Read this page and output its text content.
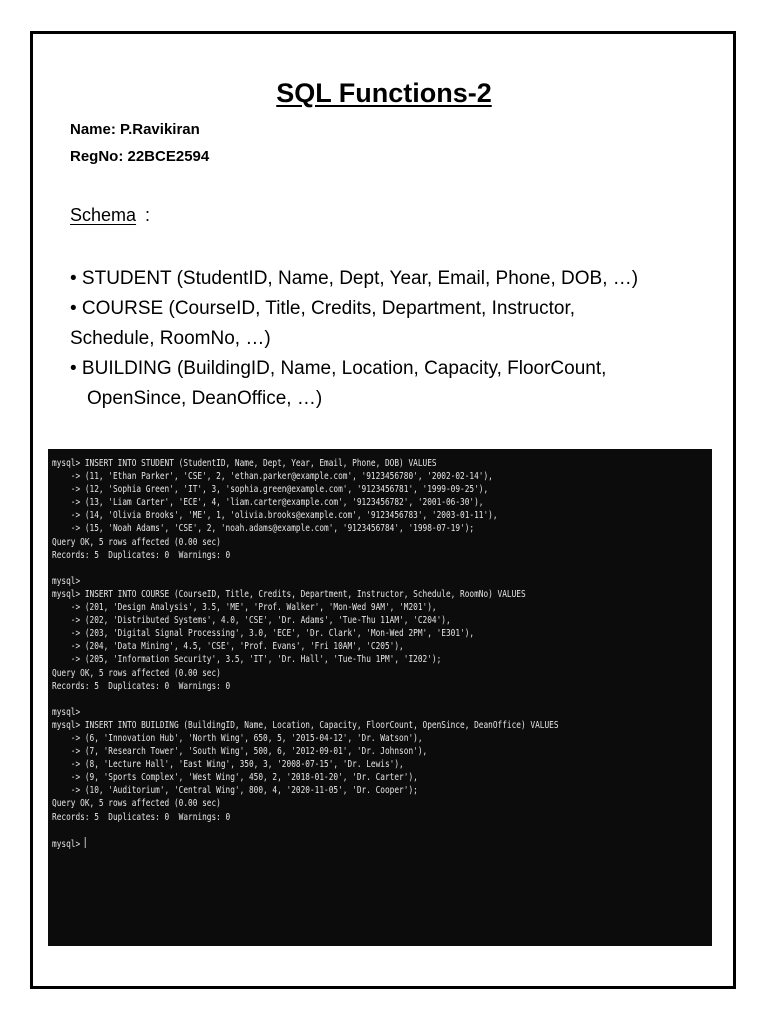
SQL Functions-2
Name: P.Ravikiran
RegNo: 22BCE2594
Schema :
• STUDENT (StudentID, Name, Dept, Year, Email, Phone, DOB, …)
• COURSE (CourseID, Title, Credits, Department, Instructor,
Schedule, RoomNo, …)
• BUILDING (BuildingID, Name, Location, Capacity, FloorCount,
OpenSince, DeanOffice, …)
mysql> INSERT INTO STUDENT (StudentID, Name, Dept, Year, Email, Phone, DOB) VALUES
-> (11, 'Ethan Parker', 'CSE', 2, 'ethan.parker@example.com', '9123456780', '2002-02-14'),
-> (12, 'Sophia Green', 'IT', 3, 'sophia.green@example.com', '9123456781', '1999-09-25'),
-> (13, 'Liam Carter', 'ECE', 4, 'liam.carter@example.com', '9123456782', '2001-06-30'),
-> (14, 'Olivia Brooks', 'ME', 1, 'olivia.brooks@example.com', '9123456783', '2003-01-11'),
-> (15, 'Noah Adams', 'CSE', 2, 'noah.adams@example.com', '9123456784', '1998-07-19');
Query OK, 5 rows affected (0.00 sec)
Records: 5  Duplicates: 0  Warnings: 0
mysql>
mysql> INSERT INTO COURSE (CourseID, Title, Credits, Department, Instructor, Schedule, RoomNo) VALUES
-> (201, 'Design Analysis', 3.5, 'ME', 'Prof. Walker', 'Mon-Wed 9AM', 'M201'),
-> (202, 'Distributed Systems', 4.0, 'CSE', 'Dr. Adams', 'Tue-Thu 11AM', 'C204'),
-> (203, 'Digital Signal Processing', 3.0, 'ECE', 'Dr. Clark', 'Mon-Wed 2PM', 'E301'),
-> (204, 'Data Mining', 4.5, 'CSE', 'Prof. Evans', 'Fri 10AM', 'C205'),
-> (205, 'Information Security', 3.5, 'IT', 'Dr. Hall', 'Tue-Thu 1PM', 'I202');
Query OK, 5 rows affected (0.00 sec)
Records: 5  Duplicates: 0  Warnings: 0
mysql>
mysql> INSERT INTO BUILDING (BuildingID, Name, Location, Capacity, FloorCount, OpenSince, DeanOffice) VALUES
-> (6, 'Innovation Hub', 'North Wing', 650, 5, '2015-04-12', 'Dr. Watson'),
-> (7, 'Research Tower', 'South Wing', 500, 6, '2012-09-01', 'Dr. Johnson'),
-> (8, 'Lecture Hall', 'East Wing', 350, 3, '2008-07-15', 'Dr. Lewis'),
-> (9, 'Sports Complex', 'West Wing', 450, 2, '2018-01-20', 'Dr. Carter'),
-> (10, 'Auditorium', 'Central Wing', 800, 4, '2020-11-05', 'Dr. Cooper');
Query OK, 5 rows affected (0.00 sec)
Records: 5  Duplicates: 0  Warnings: 0
mysql>
